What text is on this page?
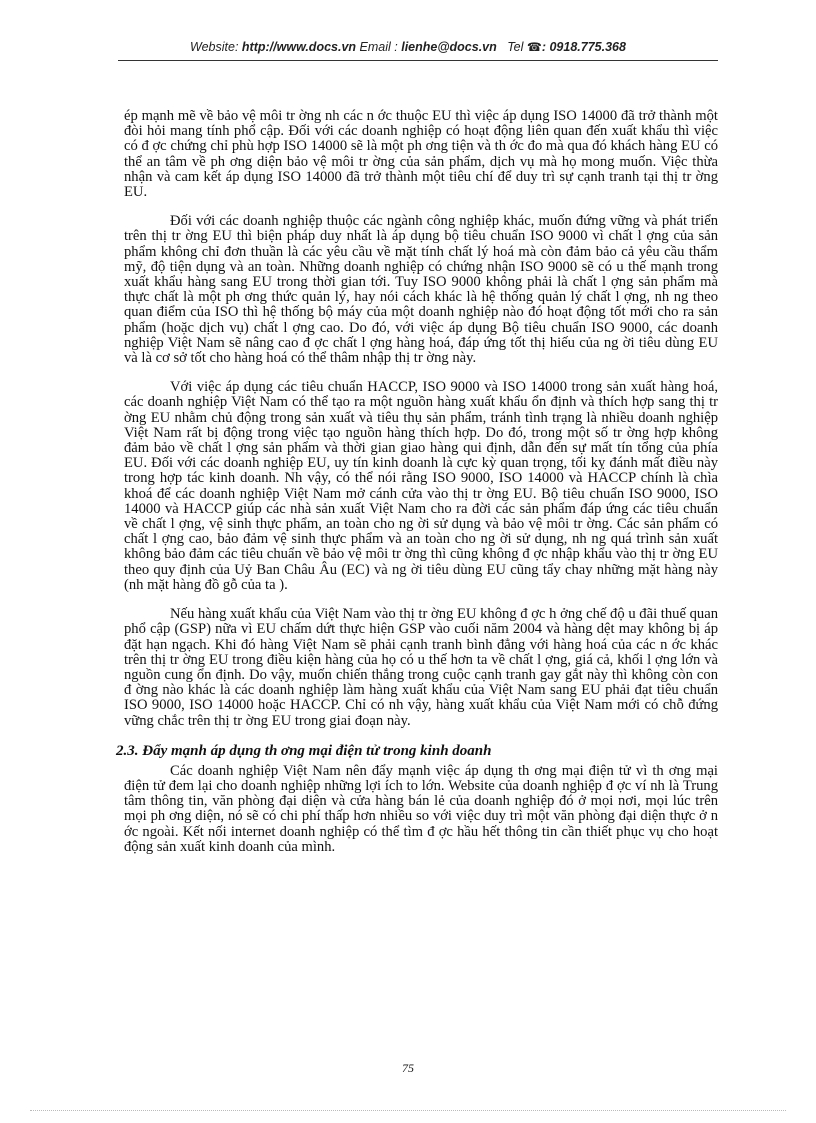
Website: http://www.docs.vn Email : lienhe@docs.vn Tel ☎: 0918.775.368

ép mạnh mẽ về bảo vệ môi tr ờng nh các n ớc thuộc EU thì việc áp dụng ISO 14000 đã trở thành một đòi hỏi mang tính phổ cập. Đối với các doanh nghiệp có hoạt động liên quan đến xuất khẩu thì việc có đ ợc chứng chỉ phù hợp ISO 14000 sẽ là một ph ơng tiện và th ớc đo mà qua đó khách hàng EU có thể an tâm về ph ơng diện bảo vệ môi tr ờng của sản phẩm, dịch vụ mà họ mong muốn. Việc thừa nhận và cam kết áp dụng ISO 14000 đã trở thành một tiêu chí để duy trì sự cạnh tranh tại thị tr ờng EU.

Đối với các doanh nghiệp thuộc các ngành công nghiệp khác, muốn đứng vững và phát triển trên thị tr ờng EU thì biện pháp duy nhất là áp dụng bộ tiêu chuẩn ISO 9000 vì chất l ợng của sản phẩm không chỉ đơn thuần là các yêu cầu về mặt tính chất lý hoá mà còn đảm bảo cả yêu cầu thẩm mỹ, độ tiện dụng và an toàn. Những doanh nghiệp có chứng nhận ISO 9000 sẽ có u thế mạnh trong xuất khẩu hàng sang EU trong thời gian tới. Tuy ISO 9000 không phải là chất l ợng sản phẩm mà thực chất là một ph ơng thức quản lý, hay nói cách khác là hệ thống quản lý chất l ợng, nh ng theo quan điểm của ISO thì hệ thống bộ máy của một doanh nghiệp nào đó hoạt động tốt mới cho ra sản phẩm (hoặc dịch vụ) chất l ợng cao. Do đó, với việc áp dụng Bộ tiêu chuẩn ISO 9000, các doanh nghiệp Việt Nam sẽ nâng cao đ ợc chất l ợng hàng hoá, đáp ứng tốt thị hiếu của ng ời tiêu dùng EU và là cơ sở tốt cho hàng hoá có thể thâm nhập thị tr ờng này.

Với việc áp dụng các tiêu chuẩn HACCP, ISO 9000 và ISO 14000 trong sản xuất hàng hoá, các doanh nghiệp Việt Nam có thể tạo ra một nguồn hàng xuất khẩu ổn định và thích hợp sang thị tr ờng EU nhằm chủ động trong sản xuất và tiêu thụ sản phẩm, tránh tình trạng là nhiều doanh nghiệp Việt Nam rất bị động trong việc tạo nguồn hàng thích hợp. Do đó, trong một số tr ờng hợp không đảm bảo về chất l ợng sản phẩm và thời gian giao hàng qui định, dẫn đến sự mất tín tổng của phía EU. Đối với các doanh nghiệp EU, uy tín kinh doanh là cực kỳ quan trọng, tối kỵ đánh mất điều này trong hợp tác kinh doanh. Nh vậy, có thể nói rằng ISO 9000, ISO 14000 và HACCP chính là chìa khoá để các doanh nghiệp Việt Nam mở cánh cửa vào thị tr ờng EU. Bộ tiêu chuẩn ISO 9000, ISO 14000 và HACCP giúp các nhà sản xuất Việt Nam cho ra đời các sản phẩm đáp ứng các tiêu chuẩn về chất l ợng, vệ sinh thực phẩm, an toàn cho ng ời sử dụng và bảo vệ môi tr ờng. Các sản phẩm có chất l ợng cao, bảo đảm vệ sinh thực phẩm và an toàn cho ng ời sử dụng, nh ng quá trình sản xuất không bảo đảm các tiêu chuẩn về bảo vệ môi tr ờng thì cũng không đ ợc nhập khẩu vào thị tr ờng EU theo quy định của Uỷ Ban Châu Âu (EC) và ng ời tiêu dùng EU cũng tẩy chay những mặt hàng này (nh mặt hàng đồ gỗ của ta ).

Nếu hàng xuất khẩu của Việt Nam vào thị tr ờng EU không đ ợc h ởng chế độ u đãi thuế quan phổ cập (GSP) nữa vì EU chấm dứt thực hiện GSP vào cuối năm 2004 và hàng dệt may không bị áp đặt hạn ngạch. Khi đó hàng Việt Nam sẽ phải cạnh tranh bình đẳng với hàng hoá của các n ớc khác trên thị tr ờng EU trong điều kiện hàng của họ có u thế hơn ta về chất l ợng, giá cả, khối l ợng lớn và nguồn cung ổn định. Do vậy, muốn chiến thắng trong cuộc cạnh tranh gay gắt này thì không còn con đ ờng nào khác là các doanh nghiệp làm hàng xuất khẩu của Việt Nam sang EU phải đạt tiêu chuẩn ISO 9000, ISO 14000 hoặc HACCP. Chỉ có nh vậy, hàng xuất khẩu của Việt Nam mới có chỗ đứng vững chắc trên thị tr ờng EU trong giai đoạn này.

2.3. Đẩy mạnh áp dụng th ơng mại điện tử trong kinh doanh

Các doanh nghiệp Việt Nam nên đẩy mạnh việc áp dụng th ơng mại điện tử vì th ơng mại điện tử đem lại cho doanh nghiệp những lợi ích to lớn. Website của doanh nghiệp đ ợc ví nh là Trung tâm thông tin, văn phòng đại diện và cửa hàng bán lẻ của doanh nghiệp đó ở mọi nơi, mọi lúc trên mọi ph ơng diện, nó sẽ có chi phí thấp hơn nhiều so với việc duy trì một văn phòng đại diện thực ở n ớc ngoài. Kết nối internet doanh nghiệp có thể tìm đ ợc hầu hết thông tin cần thiết phục vụ cho hoạt động sản xuất kinh doanh của mình.

75
